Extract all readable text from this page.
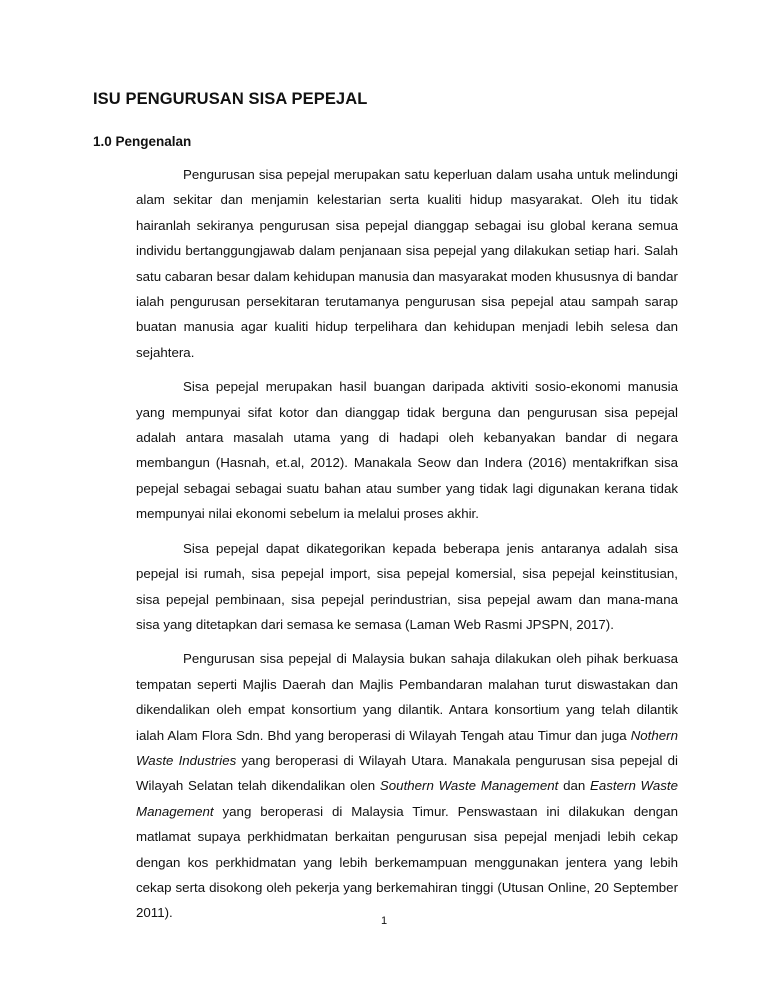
ISU PENGURUSAN SISA PEPEJAL
1.0 Pengenalan

Pengurusan sisa pepejal merupakan satu keperluan dalam usaha untuk melindungi alam sekitar dan menjamin kelestarian serta kualiti hidup masyarakat. Oleh itu tidak hairanlah sekiranya pengurusan sisa pepejal dianggap sebagai isu global kerana semua individu bertanggungjawab dalam penjanaan sisa pepejal yang dilakukan setiap hari. Salah satu cabaran besar dalam kehidupan manusia dan masyarakat moden khususnya di bandar ialah pengurusan persekitaran terutamanya pengurusan sisa pepejal atau sampah sarap buatan manusia agar kualiti hidup terpelihara dan kehidupan menjadi lebih selesa dan sejahtera.

Sisa pepejal merupakan hasil buangan daripada aktiviti sosio-ekonomi manusia yang mempunyai sifat kotor dan dianggap tidak berguna dan pengurusan sisa pepejal adalah antara masalah utama yang di hadapi oleh kebanyakan bandar di negara membangun (Hasnah, et.al, 2012). Manakala Seow dan Indera (2016) mentakrifkan sisa pepejal sebagai sebagai suatu bahan atau sumber yang tidak lagi digunakan kerana tidak mempunyai nilai ekonomi sebelum ia melalui proses akhir.

Sisa pepejal dapat dikategorikan kepada beberapa jenis antaranya adalah sisa pepejal isi rumah, sisa pepejal import, sisa pepejal komersial, sisa pepejal keinstitusian, sisa pepejal pembinaan, sisa pepejal perindustrian, sisa pepejal awam dan mana-mana sisa yang ditetapkan dari semasa ke semasa (Laman Web Rasmi JPSPN, 2017).

Pengurusan sisa pepejal di Malaysia bukan sahaja dilakukan oleh pihak berkuasa tempatan seperti Majlis Daerah dan Majlis Pembandaran malahan turut diswastakan dan dikendalikan oleh empat konsortium yang dilantik. Antara konsortium yang telah dilantik ialah Alam Flora Sdn. Bhd yang beroperasi di Wilayah Tengah atau Timur dan juga Nothern Waste Industries yang beroperasi di Wilayah Utara. Manakala pengurusan sisa pepejal di Wilayah Selatan telah dikendalikan olen Southern Waste Management dan Eastern Waste Management yang beroperasi di Malaysia Timur. Penswastaan ini dilakukan dengan matlamat supaya perkhidmatan berkaitan pengurusan sisa pepejal menjadi lebih cekap dengan kos perkhidmatan yang lebih berkemampuan menggunakan jentera yang lebih cekap serta disokong oleh pekerja yang berkemahiran tinggi (Utusan Online, 20 September 2011).

1
